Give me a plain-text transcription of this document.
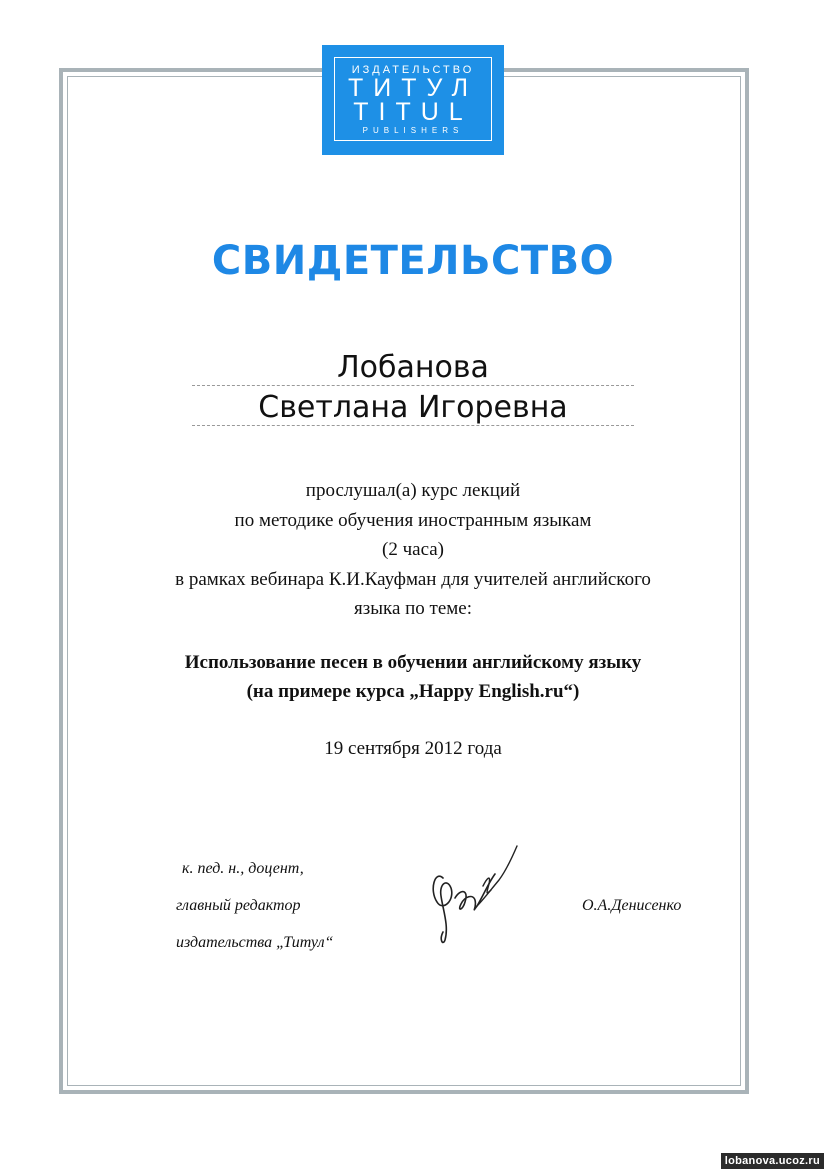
ИЗДАТЕЛЬСТВО
ТИТУЛ
TITUL
PUBLISHERS
СВИДЕТЕЛЬСТВО
Лобанова
Светлана Игоревна
прослушал(а) курс лекций
по методике обучения иностранным языкам
(2 часа)
в рамках вебинара К.И.Кауфман для учителей английского
языка по теме:
Использование песен в обучении английскому языку
(на примере курса „Happy English.ru“)
19 сентября 2012 года
к. пед. н., доцент,
главный редактор
издательства „Титул“
О.А.Денисенко
lobanova.ucoz.ru
